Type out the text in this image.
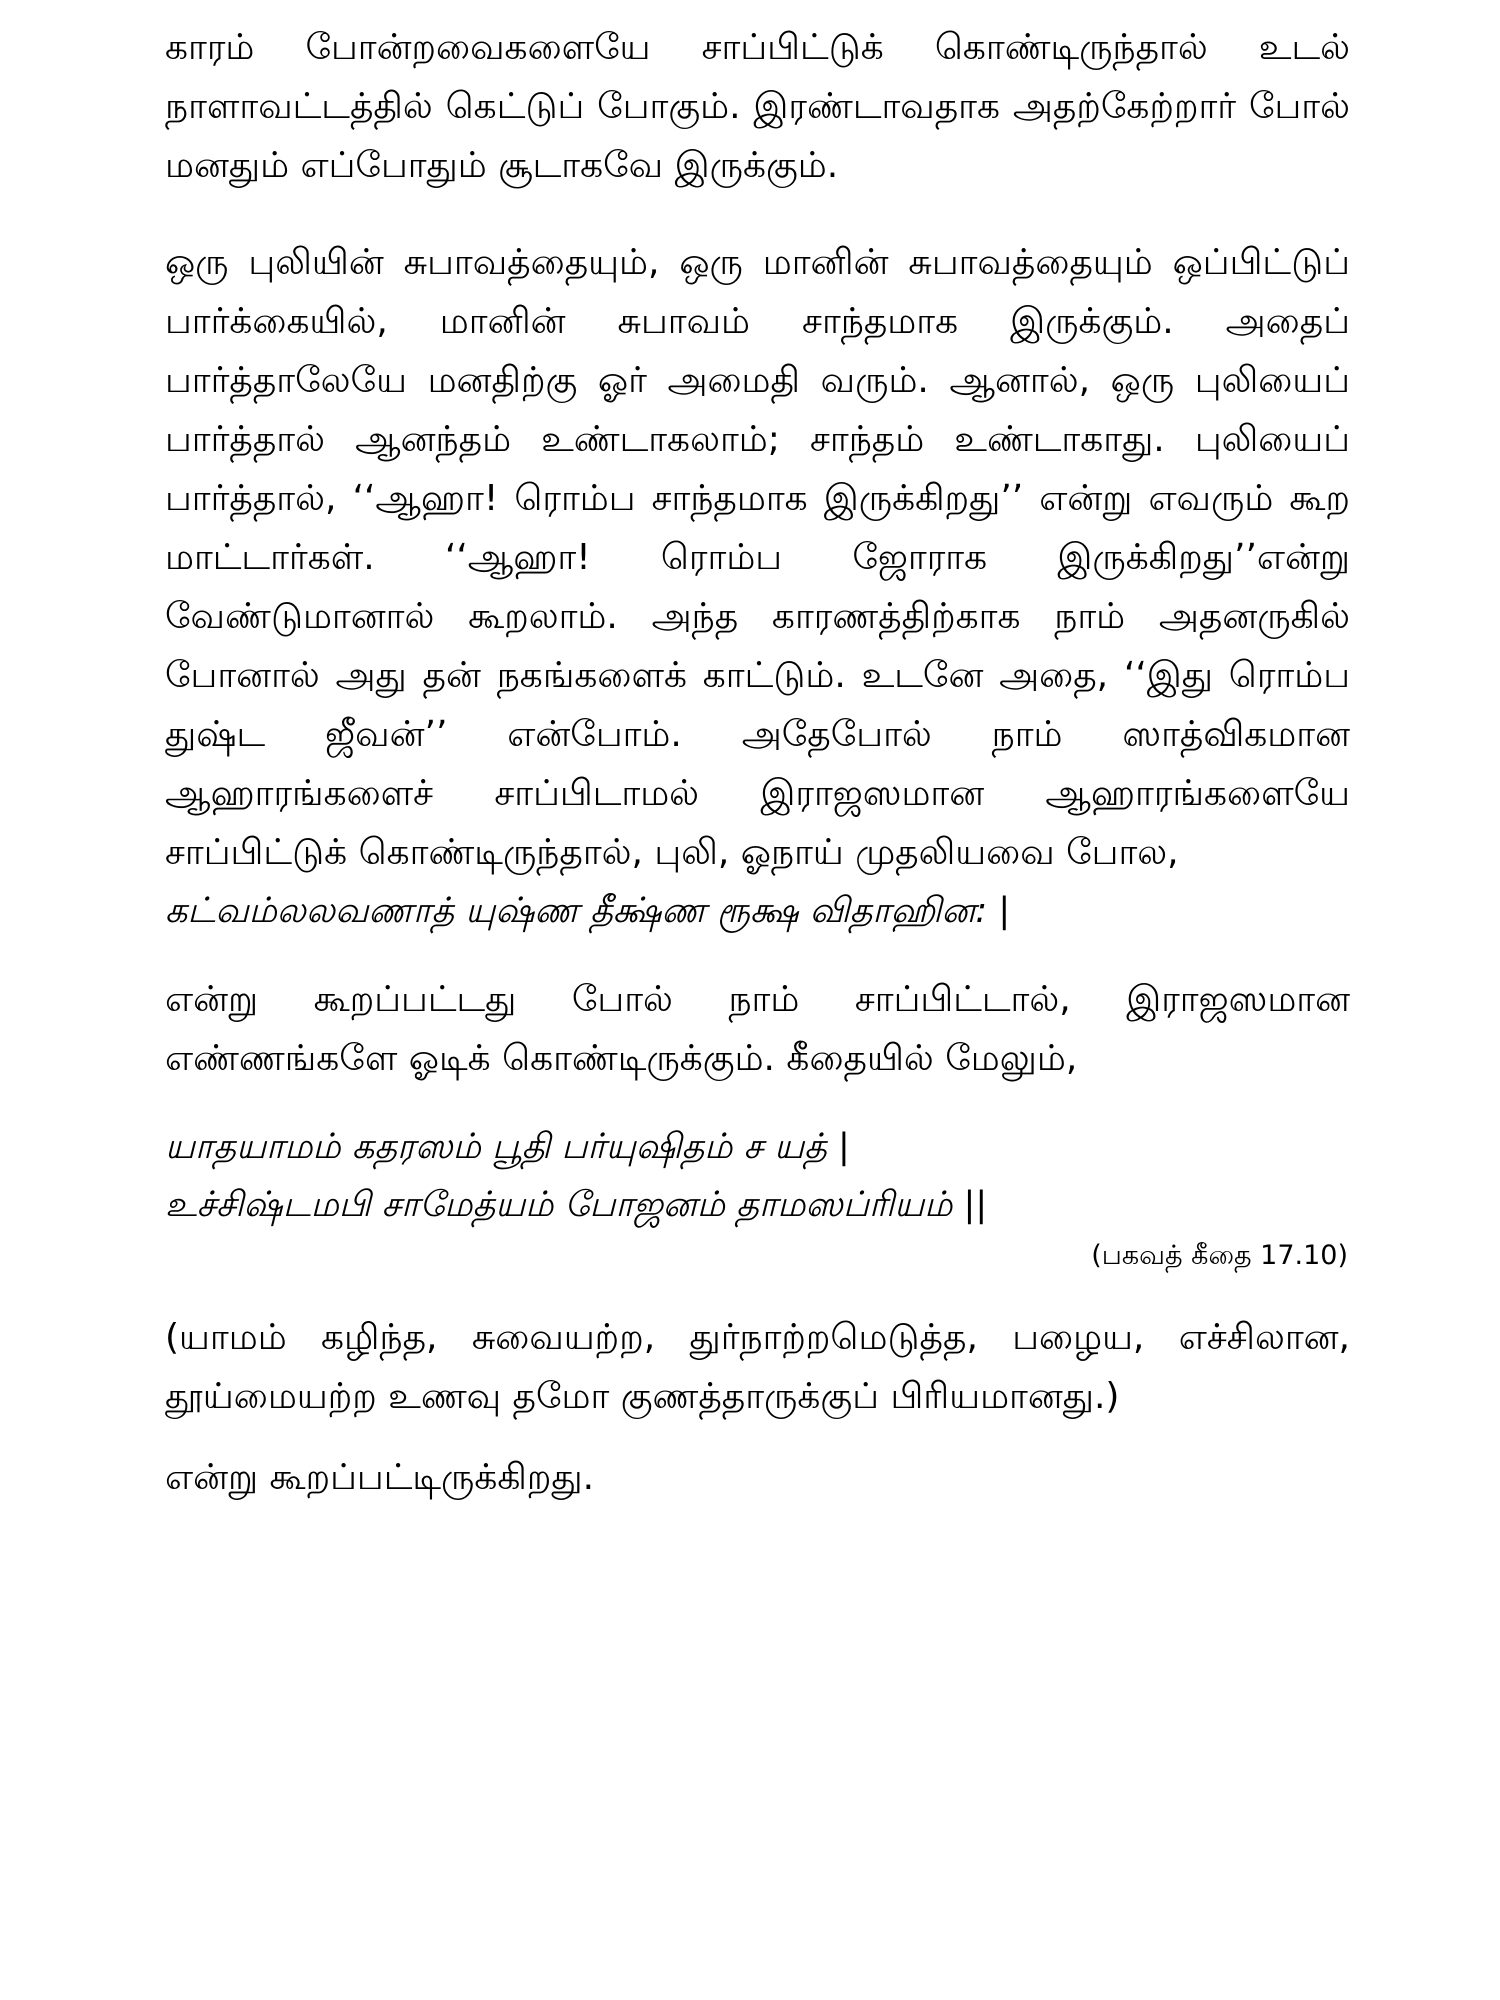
காரம் போன்றவைகளையே சாப்பிட்டுக் கொண்டிருந்தால் உடல் நாளாவட்டத்தில் கெட்டுப் போகும். இரண்டாவதாக அதற்கேற்றார் போல் மனதும் எப்போதும் சூடாகவே இருக்கும்.

ஒரு புலியின் சுபாவத்தையும், ஒரு மானின் சுபாவத்தையும் ஒப்பிட்டுப் பார்க்கையில், மானின் சுபாவம் சாந்தமாக இருக்கும். அதைப் பார்த்தாலேயே மனதிற்கு ஓர் அமைதி வரும். ஆனால், ஒரு புலியைப் பார்த்தால் ஆனந்தம் உண்டாகலாம்; சாந்தம் உண்டாகாது. புலியைப் பார்த்தால், ‘‘ஆஹா! ரொம்ப சாந்தமாக இருக்கிறது’’ என்று எவரும் கூற மாட்டார்கள். ‘‘ஆஹா! ரொம்ப ஜோராக இருக்கிறது’’என்று வேண்டுமானால் கூறலாம். அந்த காரணத்திற்காக நாம் அதனருகில் போனால் அது தன் நகங்களைக் காட்டும். உடனே அதை, ‘‘இது ரொம்ப துஷ்ட ஜீவன்’’ என்போம். அதேபோல் நாம் ஸாத்விகமான ஆஹாரங்களைச் சாப்பிடாமல் இராஜஸமான ஆஹாரங்களையே சாப்பிட்டுக் கொண்டிருந்தால், புலி, ஓநாய் முதலியவை போல,

கட்வம்லலவணாத் யுஷ்ண தீக்ஷ்ண ரூக்ஷ விதாஹின: |

என்று கூறப்பட்டது போல் நாம் சாப்பிட்டால், இராஜஸமான எண்ணங்களே ஓடிக் கொண்டிருக்கும். கீதையில் மேலும்,

யாதயாமம் கதரஸம் பூதி பர்யுஷிதம் ச யத் |

உச்சிஷ்டமபி சாமேத்யம் போஜனம் தாமஸப்ரியம் ||

(பகவத் கீதை 17.10)

(யாமம் கழிந்த, சுவையற்ற, துர்நாற்றமெடுத்த, பழைய, எச்சிலான, தூய்மையற்ற உணவு தமோ குணத்தாருக்குப் பிரியமானது.)

என்று கூறப்பட்டிருக்கிறது.
